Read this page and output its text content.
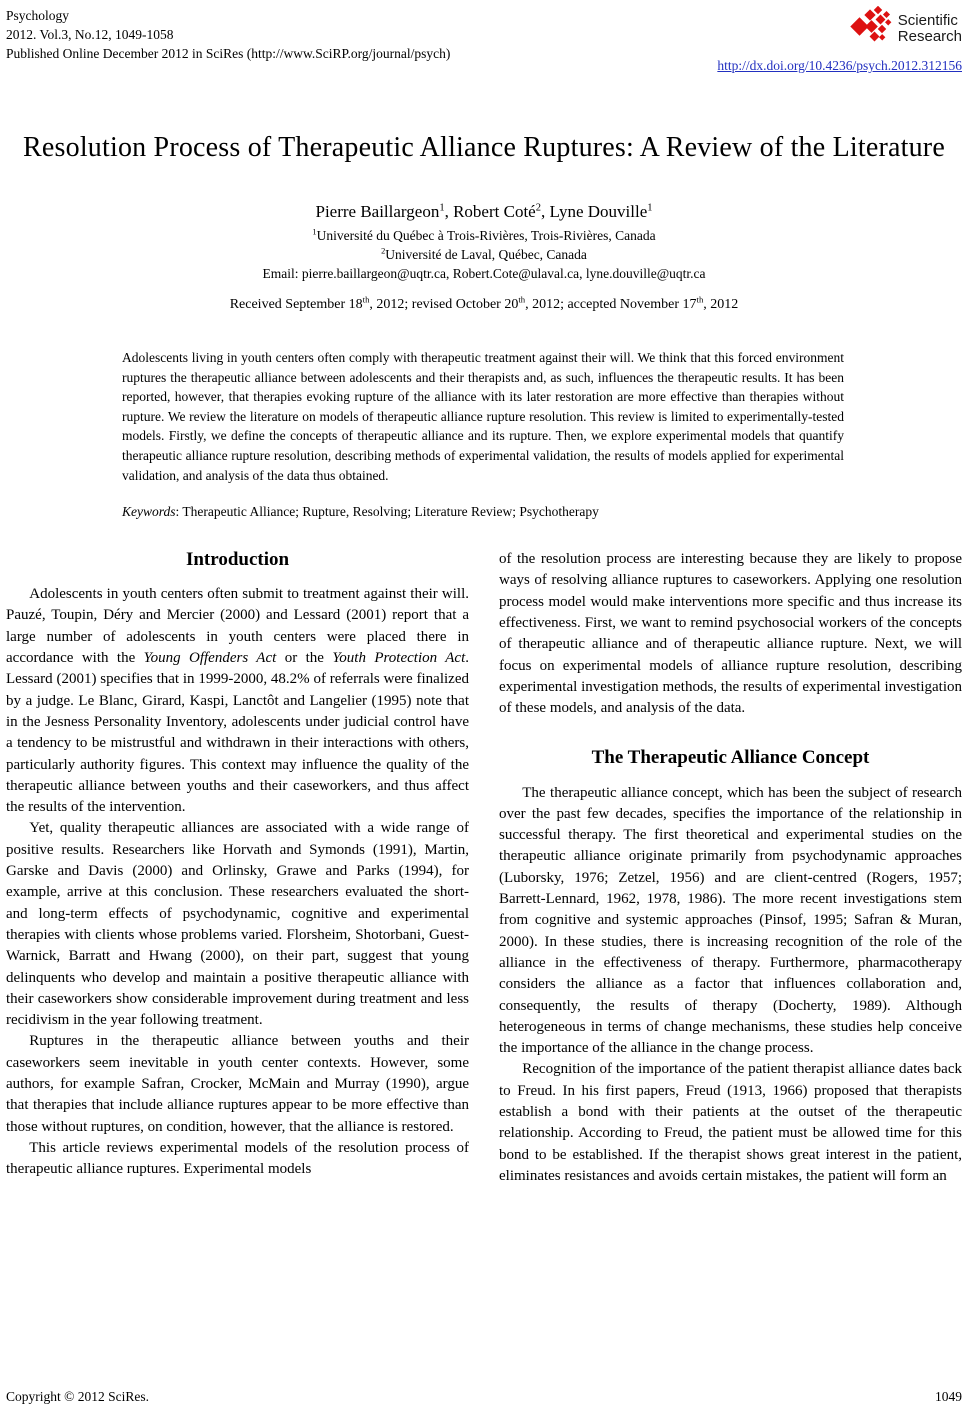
Psychology
2012. Vol.3, No.12, 1049-1058
Published Online December 2012 in SciRes (http://www.SciRP.org/journal/psych)
Scientific
Research
http://dx.doi.org/10.4236/psych.2012.312156
Resolution Process of Therapeutic Alliance Ruptures: A Review of the Literature
Pierre Baillargeon$^1$, Robert Coté$^2$, Lyne Douville$^1$
$^1$Université du Québec à Trois-Rivières, Trois-Rivières, Canada
$^2$Université de Laval, Québec, Canada
Email: pierre.baillargeon@uqtr.ca, Robert.Cote@ulaval.ca, lyne.douville@uqtr.ca
Received September 18th, 2012; revised October 20th, 2012; accepted November 17th, 2012
Adolescents living in youth centers often comply with therapeutic treatment against their will. We think that this forced environment ruptures the therapeutic alliance between adolescents and their therapists and, as such, influences the therapeutic results. It has been reported, however, that therapies evoking rupture of the alliance with its later restoration are more effective than therapies without rupture. We review the literature on models of therapeutic alliance rupture resolution. This review is limited to experimentally-tested models. Firstly, we define the concepts of therapeutic alliance and its rupture. Then, we explore experimental models that quantify therapeutic alliance rupture resolution, describing methods of experimental validation, the results of models applied for experimental validation, and analysis of the data thus obtained.
Keywords: Therapeutic Alliance; Rupture, Resolving; Literature Review; Psychotherapy
Introduction

Adolescents in youth centers often submit to treatment against their will. Pauzé, Toupin, Déry and Mercier (2000) and Lessard (2001) report that a large number of adolescents in youth centers were placed there in accordance with the Young Offenders Act or the Youth Protection Act. Lessard (2001) specifies that in 1999-2000, 48.2% of referrals were finalized by a judge. Le Blanc, Girard, Kaspi, Lanctôt and Langelier (1995) note that in the Jesness Personality Inventory, adolescents under judicial control have a tendency to be mistrustful and withdrawn in their interactions with others, particularly authority figures. This context may influence the quality of the therapeutic alliance between youths and their caseworkers, and thus affect the results of the intervention.

Yet, quality therapeutic alliances are associated with a wide range of positive results. Researchers like Horvath and Symonds (1991), Martin, Garske and Davis (2000) and Orlinsky, Grawe and Parks (1994), for example, arrive at this conclusion. These researchers evaluated the short- and long-term effects of psychodynamic, cognitive and experimental therapies with clients whose problems varied. Florsheim, Shotorbani, Guest-Warnick, Barratt and Hwang (2000), on their part, suggest that young delinquents who develop and maintain a positive therapeutic alliance with their caseworkers show considerable improvement during treatment and less recidivism in the year following treatment.

Ruptures in the therapeutic alliance between youths and their caseworkers seem inevitable in youth center contexts. However, some authors, for example Safran, Crocker, McMain and Murray (1990), argue that therapies that include alliance ruptures appear to be more effective than those without ruptures, on condition, however, that the alliance is restored.

This article reviews experimental models of the resolution process of therapeutic alliance ruptures. Experimental models

of the resolution process are interesting because they are likely to propose ways of resolving alliance ruptures to caseworkers. Applying one resolution process model would make interventions more specific and thus increase its effectiveness. First, we want to remind psychosocial workers of the concepts of therapeutic alliance and of therapeutic alliance rupture. Next, we will focus on experimental models of alliance rupture resolution, describing experimental investigation methods, the results of experimental investigation of these models, and analysis of the data.

The Therapeutic Alliance Concept

The therapeutic alliance concept, which has been the subject of research over the past few decades, specifies the importance of the relationship in successful therapy. The first theoretical and experimental studies on the therapeutic alliance originate primarily from psychodynamic approaches (Luborsky, 1976; Zetzel, 1956) and are client-centred (Rogers, 1957; Barrett-Lennard, 1962, 1978, 1986). The more recent investigations stem from cognitive and systemic approaches (Pinsof, 1995; Safran & Muran, 2000). In these studies, there is increasing recognition of the role of the alliance in the effectiveness of therapy. Furthermore, pharmacotherapy considers the alliance as a factor that influences collaboration and, consequently, the results of therapy (Docherty, 1989). Although heterogeneous in terms of change mechanisms, these studies help conceive the importance of the alliance in the change process.

Recognition of the importance of the patient therapist alliance dates back to Freud. In his first papers, Freud (1913, 1966) proposed that therapists establish a bond with their patients at the outset of the therapeutic relationship. According to Freud, the patient must be allowed time for this bond to be established. If the therapist shows great interest in the patient, eliminates resistances and avoids certain mistakes, the patient will form an

Copyright © 2012 SciRes.	1049
